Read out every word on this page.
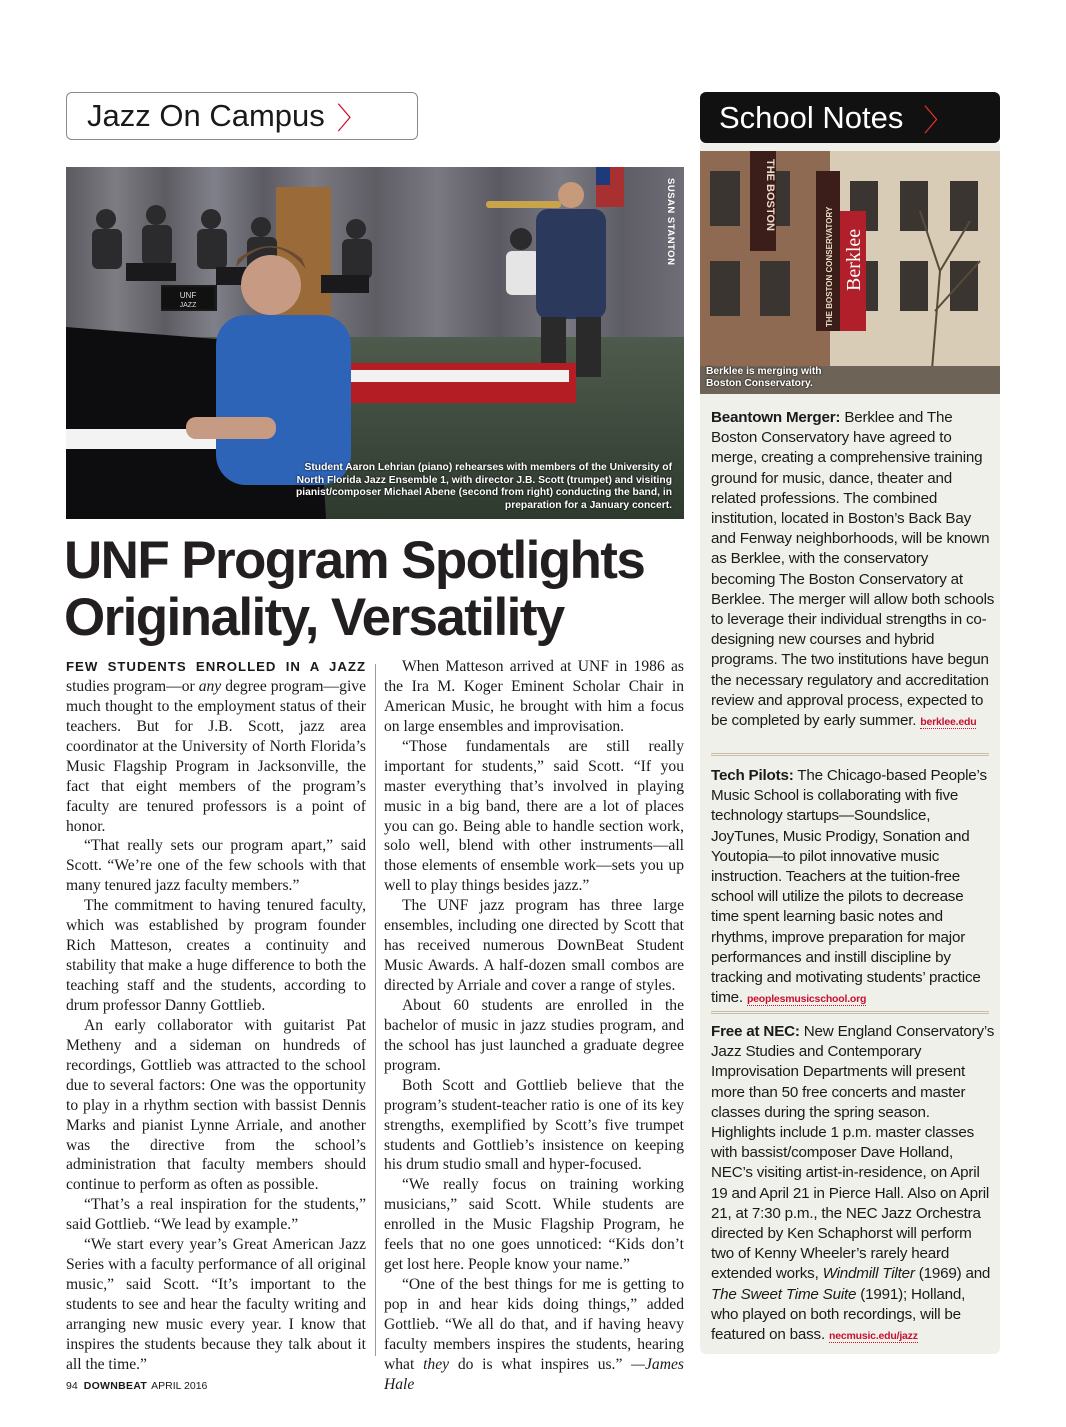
Jazz On Campus 〉	School Notes 〉
UNF
JAZZ
SUSAN STANTON
Student Aaron Lehrian (piano) rehearses with members of the University of North Florida Jazz Ensemble 1, with director J.B. Scott (trumpet) and visiting pianist/composer Michael Abene (second from right) conducting the band, in preparation for a January concert.
UNF Program Spotlights
Originality, Versatility

FEW STUDENTS ENROLLED IN A JAZZ studies program—or any degree program—give much thought to the employment status of their teachers. But for J.B. Scott, jazz area coordinator at the University of North Florida’s Music Flagship Program in Jacksonville, the fact that eight members of the program’s faculty are tenured professors is a point of honor.

“That really sets our program apart,” said Scott. “We’re one of the few schools with that many tenured jazz faculty members.”

The commitment to having tenured faculty, which was established by program founder Rich Matteson, creates a continuity and stability that make a huge difference to both the teaching staff and the students, according to drum professor Danny Gottlieb.

An early collaborator with guitarist Pat Metheny and a sideman on hundreds of recordings, Gottlieb was attracted to the school due to several factors: One was the opportunity to play in a rhythm section with bassist Dennis Marks and pianist Lynne Arriale, and another was the directive from the school’s administration that faculty members should continue to perform as often as possible.

“That’s a real inspiration for the students,” said Gottlieb. “We lead by example.”

“We start every year’s Great American Jazz Series with a faculty performance of all original music,” said Scott. “It’s important to the students to see and hear the faculty writing and arranging new music every year. I know that inspires the students because they talk about it all the time.”

When Matteson arrived at UNF in 1986 as the Ira M. Koger Eminent Scholar Chair in American Music, he brought with him a focus on large ensembles and improvisation.

“Those fundamentals are still really important for students,” said Scott. “If you master everything that’s involved in playing music in a big band, there are a lot of places you can go. Being able to handle section work, solo well, blend with other instruments—all those elements of ensemble work—sets you up well to play things besides jazz.”

The UNF jazz program has three large ensembles, including one directed by Scott that has received numerous DownBeat Student Music Awards. A half-dozen small combos are directed by Arriale and cover a range of styles.

About 60 students are enrolled in the bachelor of music in jazz studies program, and the school has just launched a graduate degree program.

Both Scott and Gottlieb believe that the program’s student-teacher ratio is one of its key strengths, exemplified by Scott’s five trumpet students and Gottlieb’s insistence on keeping his drum studio small and hyper-focused.

“We really focus on training working musicians,” said Scott. While students are enrolled in the Music Flagship Program, he feels that no one goes unnoticed: “Kids don’t get lost here. People know your name.”

“One of the best things for me is getting to pop in and hear kids doing things,” added Gottlieb. “We all do that, and if having heavy faculty members inspires the students, hearing what they do is what inspires us.” —James Hale

THE BOSTON
THE BOSTON CONSERVATORY Berklee
Berklee is merging with
Boston Conservatory.
Beantown Merger: Berklee and The Boston Conservatory have agreed to merge, creating a comprehensive training ground for music, dance, theater and related professions. The combined institution, located in Boston’s Back Bay and Fenway neighborhoods, will be known as Berklee, with the conservatory becoming The Boston Conservatory at Berklee. The merger will allow both schools to leverage their individual strengths in co-designing new courses and hybrid programs. The two institutions have begun the necessary regulatory and accreditation review and approval process, expected to be completed by early summer. berklee.edu
Tech Pilots: The Chicago-based People’s Music School is collaborating with five technology startups—Soundslice, JoyTunes, Music Prodigy, Sonation and Youtopia—to pilot innovative music instruction. Teachers at the tuition-free school will utilize the pilots to decrease time spent learning basic notes and rhythms, improve preparation for major performances and instill discipline by tracking and motivating students’ practice time. peoplesmusicschool.org
Free at NEC: New England Conservatory’s Jazz Studies and Contemporary Improvisation Departments will present more than 50 free concerts and master classes during the spring season. Highlights include 1 p.m. master classes with bassist/composer Dave Holland, NEC’s visiting artist-in-residence, on April 19 and April 21 in Pierce Hall. Also on April 21, at 7:30 p.m., the NEC Jazz Orchestra directed by Ken Schaphorst will perform two of Kenny Wheeler’s rarely heard extended works, Windmill Tilter (1969) and The Sweet Time Suite (1991); Holland, who played on both recordings, will be featured on bass. necmusic.edu/jazz
94 DOWNBEAT APRIL 2016
